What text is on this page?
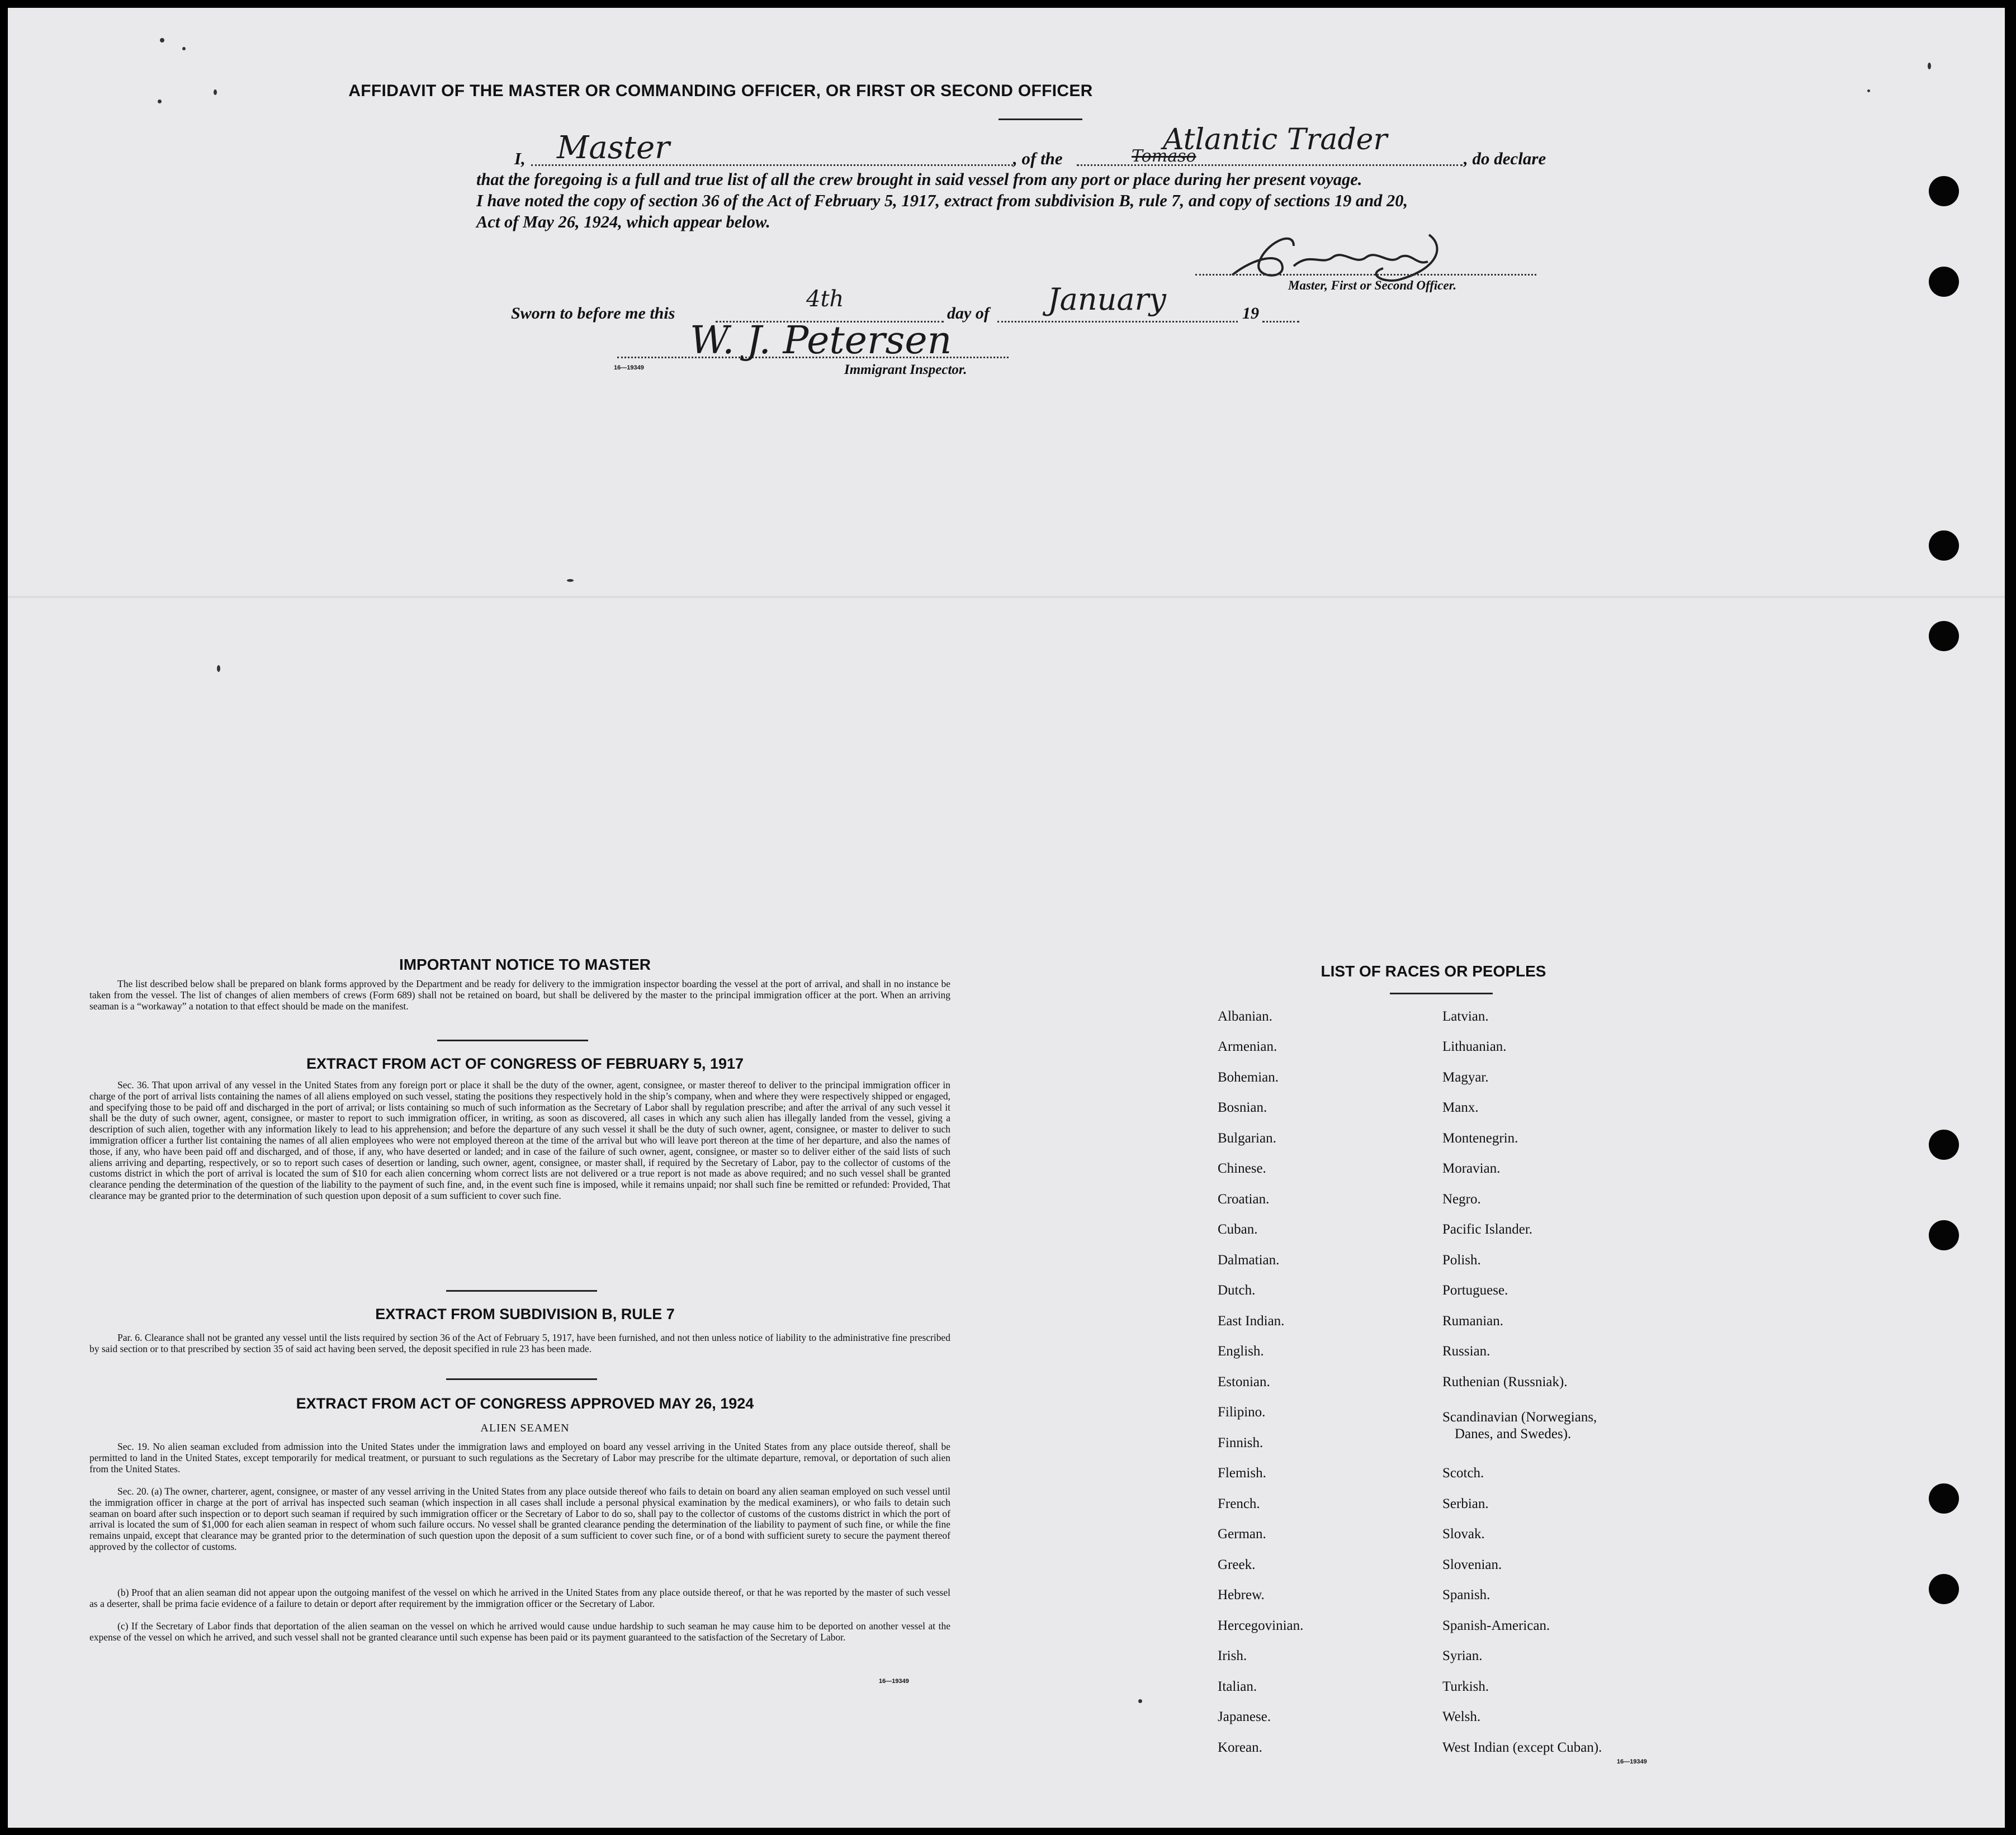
AFFIDAVIT OF THE MASTER OR COMMANDING OFFICER, OR FIRST OR SECOND OFFICER
I, Master	, of the
Atlantic Trader
Tomaso	, do declare
that the foregoing is a full and true list of all the crew brought in said vessel from any port or place during her present voyage.
I have noted the copy of section 36 of the Act of February 5, 1917, extract from subdivision B, rule 7, and copy of sections 19 and 20,
Act of May 26, 1924, which appear below.
Master, First or Second Officer.
Sworn to before me this
4th
day of January	19
W. J. Petersen
16—19349	Immigrant Inspector.
IMPORTANT NOTICE TO MASTER
The list described below shall be prepared on blank forms approved by the Department and be ready for delivery to the immigration inspector boarding the vessel at the port of arrival, and shall in no instance be taken from the vessel. The list of changes of alien members of crews (Form 689) shall not be retained on board, but shall be delivered by the master to the principal immigration officer at the port. When an arriving seaman is a “workaway” a notation to that effect should be made on the manifest.
EXTRACT FROM ACT OF CONGRESS OF FEBRUARY 5, 1917
Sec. 36. That upon arrival of any vessel in the United States from any foreign port or place it shall be the duty of the owner, agent, consignee, or master thereof to deliver to the principal immigration officer in charge of the port of arrival lists containing the names of all aliens employed on such vessel, stating the positions they respectively hold in the ship’s company, when and where they were respectively shipped or engaged, and specifying those to be paid off and discharged in the port of arrival; or lists containing so much of such information as the Secretary of Labor shall by regulation prescribe; and after the arrival of any such vessel it shall be the duty of such owner, agent, consignee, or master to report to such immigration officer, in writing, as soon as discovered, all cases in which any such alien has illegally landed from the vessel, giving a description of such alien, together with any information likely to lead to his apprehension; and before the departure of any such vessel it shall be the duty of such owner, agent, consignee, or master to deliver to such immigration officer a further list containing the names of all alien employees who were not employed thereon at the time of the arrival but who will leave port thereon at the time of her departure, and also the names of those, if any, who have been paid off and discharged, and of those, if any, who have deserted or landed; and in case of the failure of such owner, agent, consignee, or master so to deliver either of the said lists of such aliens arriving and departing, respectively, or so to report such cases of desertion or landing, such owner, agent, consignee, or master shall, if required by the Secretary of Labor, pay to the collector of customs of the customs district in which the port of arrival is located the sum of $10 for each alien concerning whom correct lists are not delivered or a true report is not made as above required; and no such vessel shall be granted clearance pending the determination of the question of the liability to the payment of such fine, and, in the event such fine is imposed, while it remains unpaid; nor shall such fine be remitted or refunded: Provided, That clearance may be granted prior to the determination of such question upon deposit of a sum sufficient to cover such fine.
EXTRACT FROM SUBDIVISION B, RULE 7
Par. 6. Clearance shall not be granted any vessel until the lists required by section 36 of the Act of February 5, 1917, have been furnished, and not then unless notice of liability to the administrative fine prescribed by said section or to that prescribed by section 35 of said act having been served, the deposit specified in rule 23 has been made.
EXTRACT FROM ACT OF CONGRESS APPROVED MAY 26, 1924
ALIEN SEAMEN
Sec. 19. No alien seaman excluded from admission into the United States under the immigration laws and employed on board any vessel arriving in the United States from any place outside thereof, shall be permitted to land in the United States, except temporarily for medical treatment, or pursuant to such regulations as the Secretary of Labor may prescribe for the ultimate departure, removal, or deportation of such alien from the United States.
Sec. 20. (a) The owner, charterer, agent, consignee, or master of any vessel arriving in the United States from any place outside thereof who fails to detain on board any alien seaman employed on such vessel until the immigration officer in charge at the port of arrival has inspected such seaman (which inspection in all cases shall include a personal physical examination by the medical examiners), or who fails to detain such seaman on board after such inspection or to deport such seaman if required by such immigration officer or the Secretary of Labor to do so, shall pay to the collector of customs of the customs district in which the port of arrival is located the sum of $1,000 for each alien seaman in respect of whom such failure occurs. No vessel shall be granted clearance pending the determination of the liability to payment of such fine, or while the fine remains unpaid, except that clearance may be granted prior to the determination of such question upon the deposit of a sum sufficient to cover such fine, or of a bond with sufficient surety to secure the payment thereof approved by the collector of customs.
(b) Proof that an alien seaman did not appear upon the outgoing manifest of the vessel on which he arrived in the United States from any place outside thereof, or that he was reported by the master of such vessel as a deserter, shall be prima facie evidence of a failure to detain or deport after requirement by the immigration officer or the Secretary of Labor.
(c) If the Secretary of Labor finds that deportation of the alien seaman on the vessel on which he arrived would cause undue hardship to such seaman he may cause him to be deported on another vessel at the expense of the vessel on which he arrived, and such vessel shall not be granted clearance until such expense has been paid or its payment guaranteed to the satisfaction of the Secretary of Labor.
16—19349
LIST OF RACES OR PEOPLES
Albanian.
Armenian.
Bohemian.
Bosnian.
Bulgarian.
Chinese.
Croatian.
Cuban.
Dalmatian.
Dutch.
East Indian.
English.
Estonian.
Filipino.
Finnish.
Flemish.
French.
German.
Greek.
Hebrew.
Hercegovinian.
Irish.
Italian.
Japanese.
Korean.
Latvian.
Lithuanian.
Magyar.
Manx.
Montenegrin.
Moravian.
Negro.
Pacific Islander.
Polish.
Portuguese.
Rumanian.
Russian.
Ruthenian (Russniak).
Scandinavian (Norwegians,
Danes, and Swedes).
Scotch.
Serbian.
Slovak.
Slovenian.
Spanish.
Spanish-American.
Syrian.
Turkish.
Welsh.
West Indian (except Cuban).
16—19349
